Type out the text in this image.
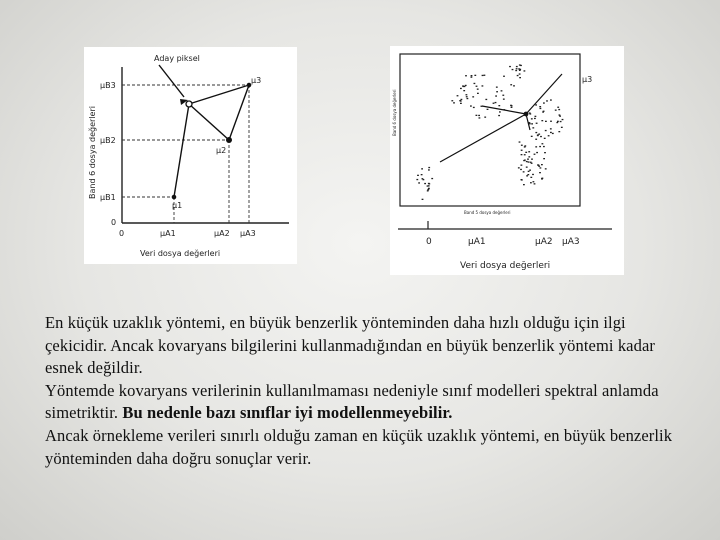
Aday piksel
Band 6 dosya değerleri
μB3
μB2
μB1
0
0	μA1	μA2 μA3
μ3
μ2
μ1
Veri dosya değerleri
Band 6 dosya değerleri
Band 5 dosya değerleri
μ3
0	μA1	μA2 μA3
Veri dosya değerleri

En küçük uzaklık yöntemi, en büyük benzerlik yönteminden daha hızlı olduğu için ilgi çekicidir. Ancak kovaryans bilgilerini kullanmadığından en büyük benzerlik yöntemi kadar esnek değildir.

Yöntemde kovaryans verilerinin kullanılmaması nedeniyle sınıf modelleri spektral anlamda simetriktir. Bu nedenle bazı sınıflar iyi modellenmeyebilir.

Ancak örnekleme verileri sınırlı olduğu zaman en küçük uzaklık yöntemi, en büyük benzerlik yönteminden daha doğru sonuçlar verir.
